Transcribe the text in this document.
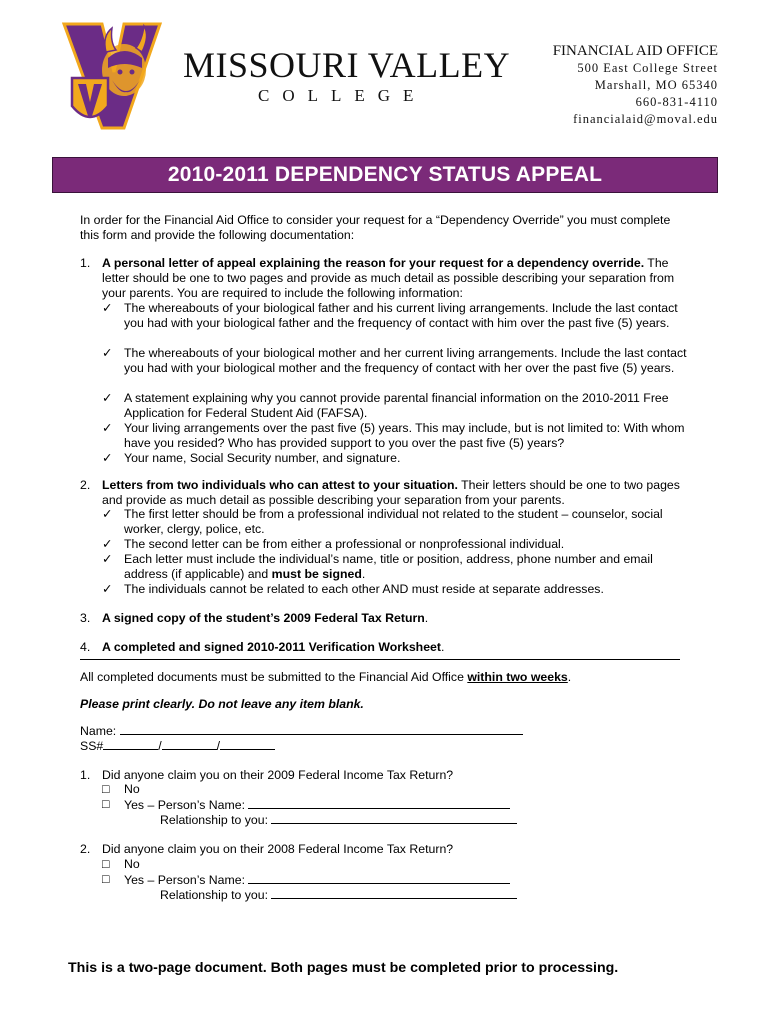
MISSOURI VALLEY
COLLEGE
FINANCIAL AID OFFICE
500 East College Street
Marshall, MO 65340
660-831-4110
financialaid@moval.edu
2010-2011 DEPENDENCY STATUS APPEAL
In order for the Financial Aid Office to consider your request for a “Dependency Override” you must complete this form and provide the following documentation:
1. A personal letter of appeal explaining the reason for your request for a dependency override. The letter should be one to two pages and provide as much detail as possible describing your separation from your parents. You are required to include the following information:
✓ The whereabouts of your biological father and his current living arrangements. Include the last contact you had with your biological father and the frequency of contact with him over the past five (5) years.
✓ The whereabouts of your biological mother and her current living arrangements. Include the last contact you had with your biological mother and the frequency of contact with her over the past five (5) years.
✓ A statement explaining why you cannot provide parental financial information on the 2010-2011 Free Application for Federal Student Aid (FAFSA).
✓ Your living arrangements over the past five (5) years. This may include, but is not limited to: With whom have you resided? Who has provided support to you over the past five (5) years?
✓ Your name, Social Security number, and signature.
2. Letters from two individuals who can attest to your situation. Their letters should be one to two pages and provide as much detail as possible describing your separation from your parents.
✓ The first letter should be from a professional individual not related to the student – counselor, social worker, clergy, police, etc.
✓ The second letter can be from either a professional or nonprofessional individual.
✓ Each letter must include the individual’s name, title or position, address, phone number and email address (if applicable) and must be signed.
✓ The individuals cannot be related to each other AND must reside at separate addresses.
3. A signed copy of the student’s 2009 Federal Tax Return.
4. A completed and signed 2010-2011 Verification Worksheet.
All completed documents must be submitted to the Financial Aid Office within two weeks.
Please print clearly. Do not leave any item blank.
Name:
SS#	/	/
1. Did anyone claim you on their 2009 Federal Income Tax Return?
□ No
□ Yes – Person’s Name:
Relationship to you:
2. Did anyone claim you on their 2008 Federal Income Tax Return?
□ No
□ Yes – Person’s Name:
Relationship to you:
This is a two-page document. Both pages must be completed prior to processing.
